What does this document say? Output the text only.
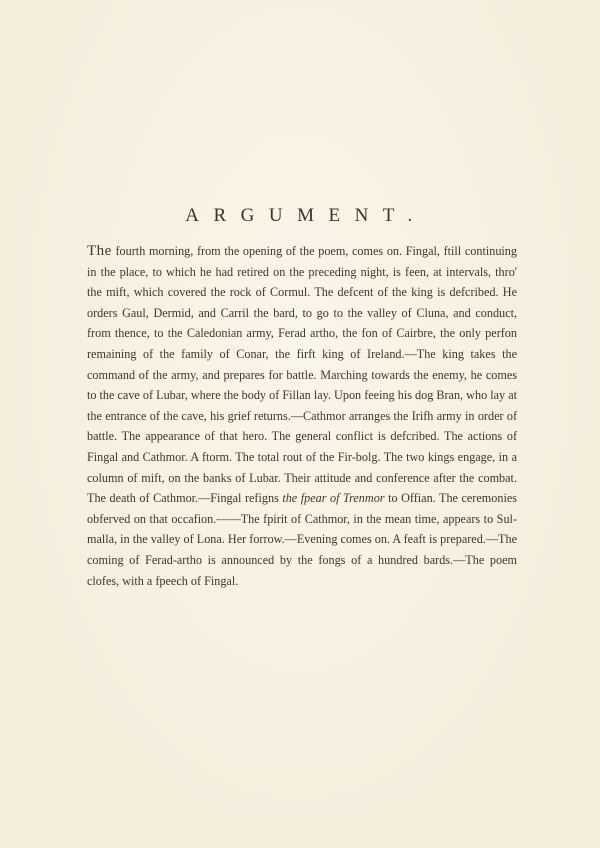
ARGUMENT.

The fourth morning, from the opening of the poem, comes on. Fingal, ftill continuing in the place, to which he had retired on the preceding night, is feen, at intervals, thro' the mift, which covered the rock of Cormul. The defcent of the king is defcribed. He orders Gaul, Dermid, and Carril the bard, to go to the valley of Cluna, and conduct, from thence, to the Caledonian army, Ferad artho, the fon of Cairbre, the only perfon remaining of the family of Conar, the firft king of Ireland.—The king takes the command of the army, and prepares for battle. Marching towards the enemy, he comes to the cave of Lubar, where the body of Fillan lay. Upon feeing his dog Bran, who lay at the entrance of the cave, his grief returns.—Cathmor arranges the Irifh army in order of battle. The appearance of that hero. The general conflict is defcribed. The actions of Fingal and Cathmor. A ftorm. The total rout of the Fir-bolg. The two kings engage, in a column of mift, on the banks of Lubar. Their attitude and conference after the combat. The death of Cathmor.—Fingal refigns the fpear of Trenmor to Offian. The ceremonies obferved on that occafion.——The fpirit of Cathmor, in the mean time, appears to Sul-malla, in the valley of Lona. Her forrow.—Evening comes on. A feaft is prepared.—The coming of Ferad-artho is announced by the fongs of a hundred bards.—The poem clofes, with a fpeech of Fingal.
